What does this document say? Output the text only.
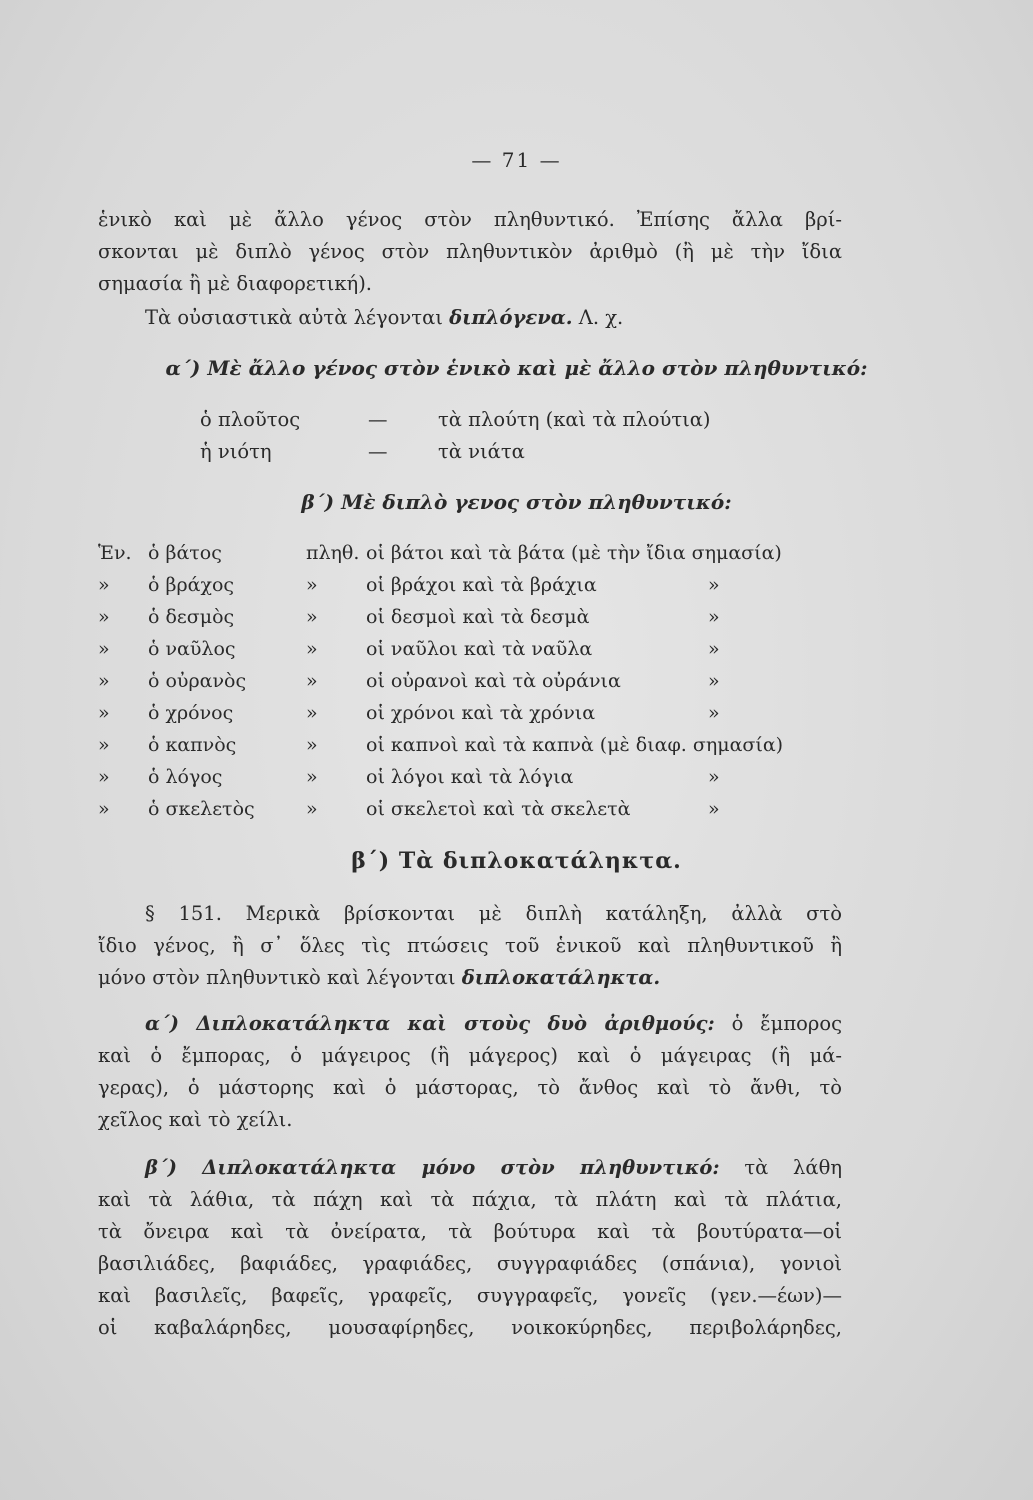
— 71 —
ἑνικὸ καὶ μὲ ἄλλο γένος στὸν πληθυντικό. Ἐπίσης ἄλλα βρί-
σκονται μὲ διπλὸ γένος στὸν πληθυντικὸν ἀριθμὸ (ἢ μὲ τὴν ἴδια
σημασία ἢ μὲ διαφορετική).
Τὰ οὐσιαστικὰ αὐτὰ λέγονται διπλόγενα. Λ. χ.
α΄) Μὲ ἄλλο γένος στὸν ἑνικὸ καὶ μὲ ἄλλο στὸν πληθυντικό:
ὁ πλοῦτος	—	τὰ πλούτη (καὶ τὰ πλούτια)
ἡ νιότη	—	τὰ νιάτα
β΄) Μὲ διπλὸ γενος στὸν πληθυντικό:
Ἑν. ὁ βάτος	πληθ. οἱ βάτοι καὶ τὰ βάτα (μὲ τὴν ἴδια σημασία)
» ὁ βράχος	»	οἱ βράχοι καὶ τὰ βράχια	»
» ὁ δεσμὸς	»	οἱ δεσμοὶ καὶ τὰ δεσμὰ	»
» ὁ ναῦλος	»	οἱ ναῦλοι καὶ τὰ ναῦλα	»
» ὁ οὐρανὸς	»	οἱ οὐρανοὶ καὶ τὰ οὐράνια	»
» ὁ χρόνος	»	οἱ χρόνοι καὶ τὰ χρόνια	»
» ὁ καπνὸς	»	οἱ καπνοὶ καὶ τὰ καπνὰ (μὲ διαφ. σημασία)
» ὁ λόγος	»	οἱ λόγοι καὶ τὰ λόγια	»
» ὁ σκελετὸς	»	οἱ σκελετοὶ καὶ τὰ σκελετὰ	»
β΄) Τὰ διπλοκατάληκτα.
§ 151. Μερικὰ βρίσκονται μὲ διπλὴ κατάληξη, ἀλλὰ στὸ
ἴδιο γένος, ἢ σ᾿ ὅλες τὶς πτώσεις τοῦ ἑνικοῦ καὶ πληθυντικοῦ ἢ
μόνο στὸν πληθυντικὸ καὶ λέγονται διπλοκατάληκτα.
α΄) Διπλοκατάληκτα καὶ στοὺς δυὸ ἀριθμούς: ὁ ἔμπορος
καὶ ὁ ἔμπορας, ὁ μάγειρος (ἢ μάγερος) καὶ ὁ μάγειρας (ἢ μά-
γερας), ὁ μάστορης καὶ ὁ μάστορας, τὸ ἄνθος καὶ τὸ ἄνθι, τὸ
χεῖλος καὶ τὸ χείλι.
β΄) Διπλοκατάληκτα μόνο στὸν πληθυντικό: τὰ λάθη
καὶ τὰ λάθια, τὰ πάχη καὶ τὰ πάχια, τὰ πλάτη καὶ τὰ πλάτια,
τὰ ὄνειρα καὶ τὰ ὀνείρατα, τὰ βούτυρα καὶ τὰ βουτύρατα—οἱ
βασιλιάδες, βαφιάδες, γραφιάδες, συγγραφιάδες (σπάνια), γονιοὶ
καὶ βασιλεῖς, βαφεῖς, γραφεῖς, συγγραφεῖς, γονεῖς (γεν.—έων)—
οἱ καβαλάρηδες, μουσαφίρηδες, νοικοκύρηδες, περιβολάρηδες,
